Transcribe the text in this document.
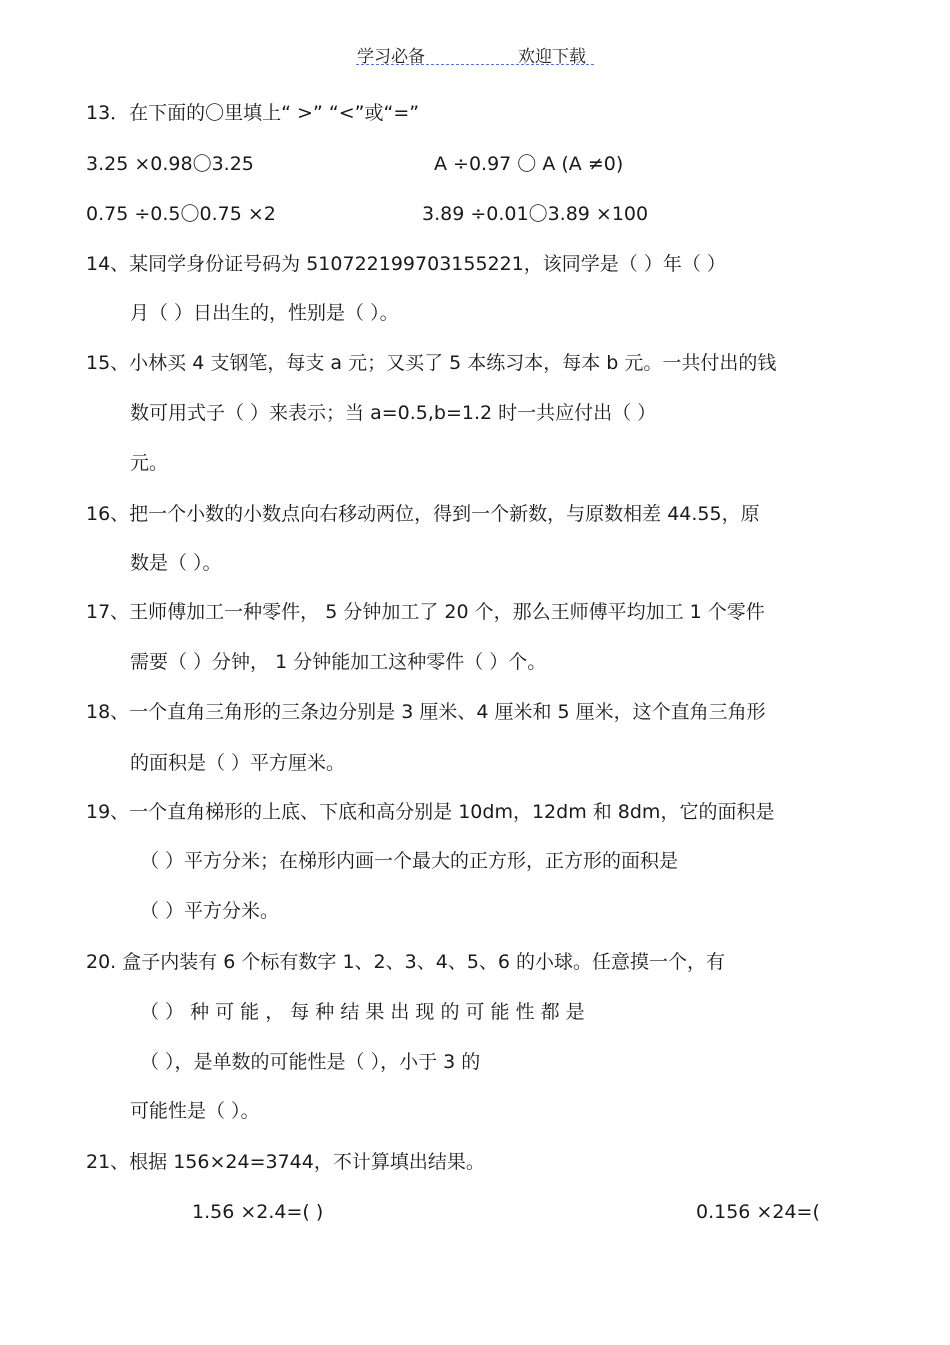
学习必备	欢迎下载
13．在下面的〇里填上“ >” “<”或“=”
3.25 ×0.98〇3.25	A ÷0.97 〇 A (A ≠0)
0.75 ÷0.5〇0.75 ×2	3.89 ÷0.01〇3.89 ×100
14、某同学身份证号码为 510722199703155221，该同学是（ ）年（ ）
月（ ）日出生的，性别是（ ）。
15、小林买 4 支钢笔，每支 a 元；又买了 5 本练习本，每本 b 元。一共付出的钱
数可用式子（ ）来表示；当 a=0.5,b=1.2 时一共应付出（ ）
元。
16、把一个小数的小数点向右移动两位，得到一个新数，与原数相差 44.55，原
数是（ ）。
17、王师傅加工一种零件， 5 分钟加工了 20 个，那么王师傅平均加工 1 个零件
需要（ ）分钟， 1 分钟能加工这种零件（ ）个。
18、一个直角三角形的三条边分别是 3 厘米、4 厘米和 5 厘米，这个直角三角形
的面积是（ ）平方厘米。
19、一个直角梯形的上底、下底和高分别是 10dm，12dm 和 8dm，它的面积是
（ ）平方分米；在梯形内画一个最大的正方形，正方形的面积是
（ ）平方分米。
20. 盒子内装有 6 个标有数字 1、2、3、4、5、6 的小球。任意摸一个，有
（ ） 种 可 能 ， 每 种 结 果 出 现 的 可 能 性 都 是
（ ），是单数的可能性是（ ），小于 3 的
可能性是（ ）。
21、根据 156×24=3744，不计算填出结果。
1.56 ×2.4=( )	0.156 ×24=(
